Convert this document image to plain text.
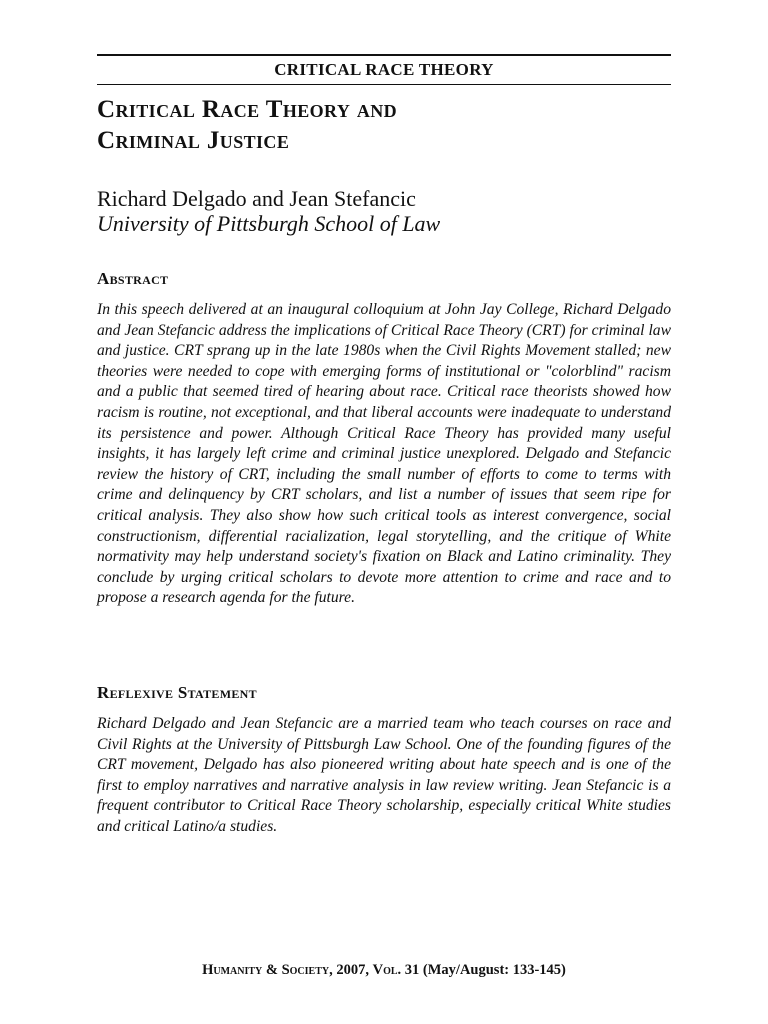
CRITICAL RACE THEORY
Critical Race Theory and
Criminal Justice
Richard Delgado and Jean Stefancic
University of Pittsburgh School of Law
Abstract

In this speech delivered at an inaugural colloquium at John Jay College, Richard Delgado and Jean Stefancic address the implications of Critical Race Theory (CRT) for criminal law and justice. CRT sprang up in the late 1980s when the Civil Rights Movement stalled; new theories were needed to cope with emerging forms of institutional or "colorblind" racism and a public that seemed tired of hearing about race. Critical race theorists showed how racism is routine, not exceptional, and that liberal accounts were inadequate to understand its persistence and power. Although Critical Race Theory has provided many useful insights, it has largely left crime and criminal justice unexplored. Delgado and Stefancic review the history of CRT, including the small number of efforts to come to terms with crime and delinquency by CRT scholars, and list a number of issues that seem ripe for critical analysis. They also show how such critical tools as interest convergence, social constructionism, differential racialization, legal storytelling, and the critique of White normativity may help understand society's fixation on Black and Latino criminality. They conclude by urging critical scholars to devote more attention to crime and race and to propose a research agenda for the future.

Reflexive Statement

Richard Delgado and Jean Stefancic are a married team who teach courses on race and Civil Rights at the University of Pittsburgh Law School. One of the founding figures of the CRT movement, Delgado has also pioneered writing about hate speech and is one of the first to employ narratives and narrative analysis in law review writing. Jean Stefancic is a frequent contributor to Critical Race Theory scholarship, especially critical White studies and critical Latino/a studies.

Humanity & Society, 2007, Vol. 31 (May/August: 133-145)
